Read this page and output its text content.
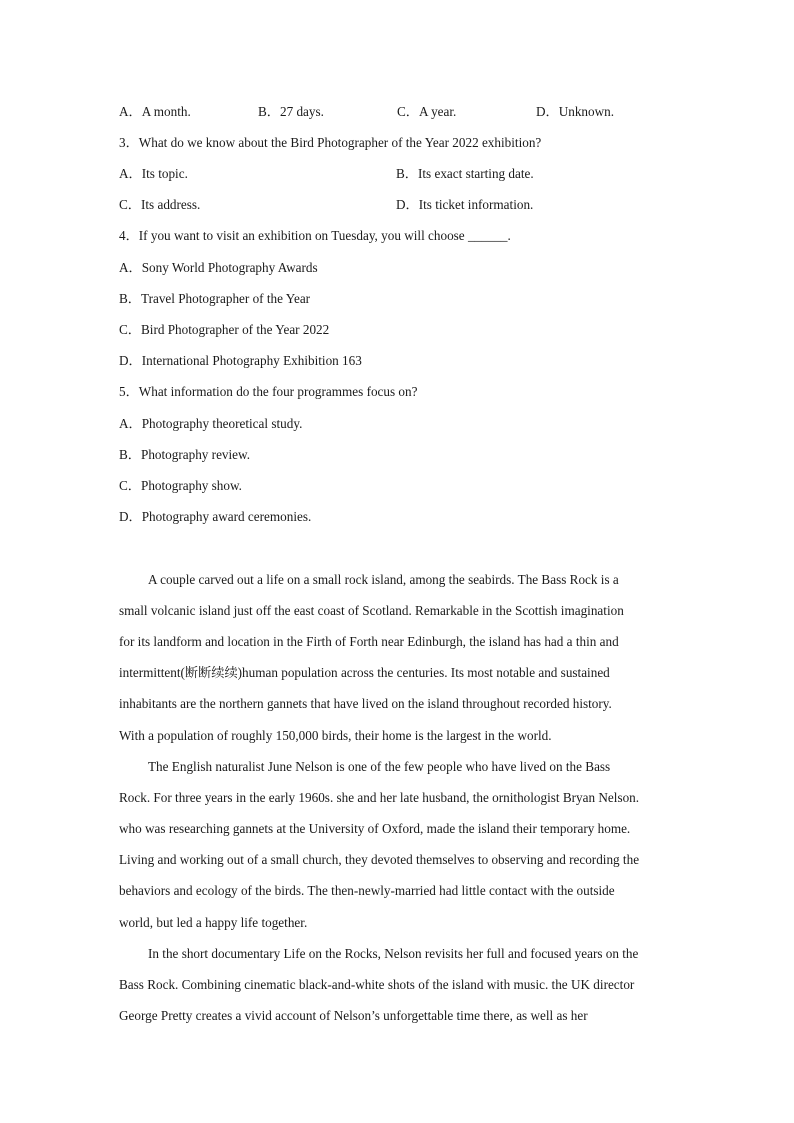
A．A month.	B．27 days.	C．A year.	D．Unknown.
3．What do we know about the Bird Photographer of the Year 2022 exhibition?
A．Its topic.	B．Its exact starting date.
C．Its address.	D．Its ticket information.
4．If you want to visit an exhibition on Tuesday, you will choose ______.
A．Sony World Photography Awards
B．Travel Photographer of the Year
C．Bird Photographer of the Year 2022
D．International Photography Exhibition 163
5．What information do the four programmes focus on?
A．Photography theoretical study.
B．Photography review.
C．Photography show.
D．Photography award ceremonies.
A couple carved out a life on a small rock island, among the seabirds. The Bass Rock is a
small volcanic island just off the east coast of Scotland. Remarkable in the Scottish imagination
for its landform and location in the Firth of Forth near Edinburgh, the island has had a thin and
intermittent(断断续续)human population across the centuries. Its most notable and sustained
inhabitants are the northern gannets that have lived on the island throughout recorded history.
With a population of roughly 150,000 birds, their home is the largest in the world.
The English naturalist June Nelson is one of the few people who have lived on the Bass
Rock. For three years in the early 1960s. she and her late husband, the ornithologist Bryan Nelson.
who was researching gannets at the University of Oxford, made the island their temporary home.
Living and working out of a small church, they devoted themselves to observing and recording the
behaviors and ecology of the birds. The then-newly-married had little contact with the outside
world, but led a happy life together.
In the short documentary Life on the Rocks, Nelson revisits her full and focused years on the
Bass Rock. Combining cinematic black-and-white shots of the island with music. the UK director
George Pretty creates a vivid account of Nelson’s unforgettable time there, as well as her
